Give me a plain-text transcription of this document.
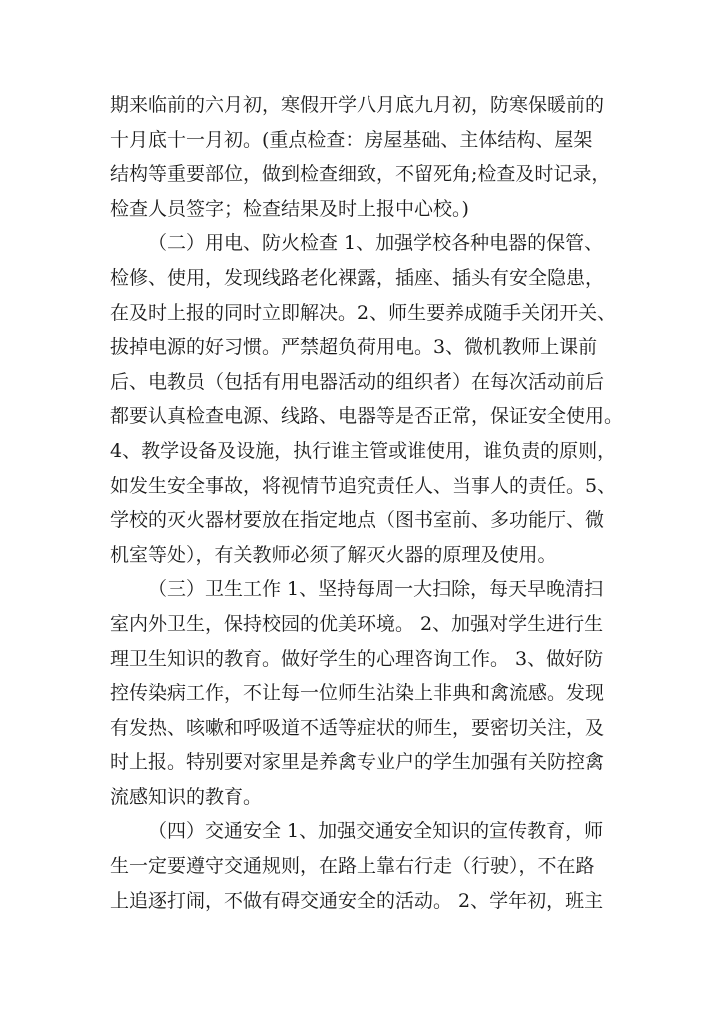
期来临前的六月初，寒假开学八月底九月初，防寒保暖前的
十月底十一月初。(重点检查：房屋基础、主体结构、屋架
结构等重要部位，做到检查细致，不留死角;检查及时记录，
检查人员签字；检查结果及时上报中心校。)
（二）用电、防火检查 1、加强学校各种电器的保管、
检修、使用，发现线路老化裸露，插座、插头有安全隐患，
在及时上报的同时立即解决。2、师生要养成随手关闭开关、
拔掉电源的好习惯。严禁超负荷用电。3、微机教师上课前
后、电教员（包括有用电器活动的组织者）在每次活动前后
都要认真检查电源、线路、电器等是否正常，保证安全使用。
4、教学设备及设施，执行谁主管或谁使用，谁负责的原则，
如发生安全事故，将视情节追究责任人、当事人的责任。5、
学校的灭火器材要放在指定地点（图书室前、多功能厅、微
机室等处），有关教师必须了解灭火器的原理及使用。
（三）卫生工作 1、坚持每周一大扫除，每天早晚清扫
室内外卫生，保持校园的优美环境。 2、加强对学生进行生
理卫生知识的教育。做好学生的心理咨询工作。 3、做好防
控传染病工作，不让每一位师生沾染上非典和禽流感。发现
有发热、咳嗽和呼吸道不适等症状的师生，要密切关注，及
时上报。特别要对家里是养禽专业户的学生加强有关防控禽
流感知识的教育。
（四）交通安全 1、加强交通安全知识的宣传教育，师
生一定要遵守交通规则，在路上靠右行走（行驶），不在路
上追逐打闹，不做有碍交通安全的活动。 2、学年初，班主
